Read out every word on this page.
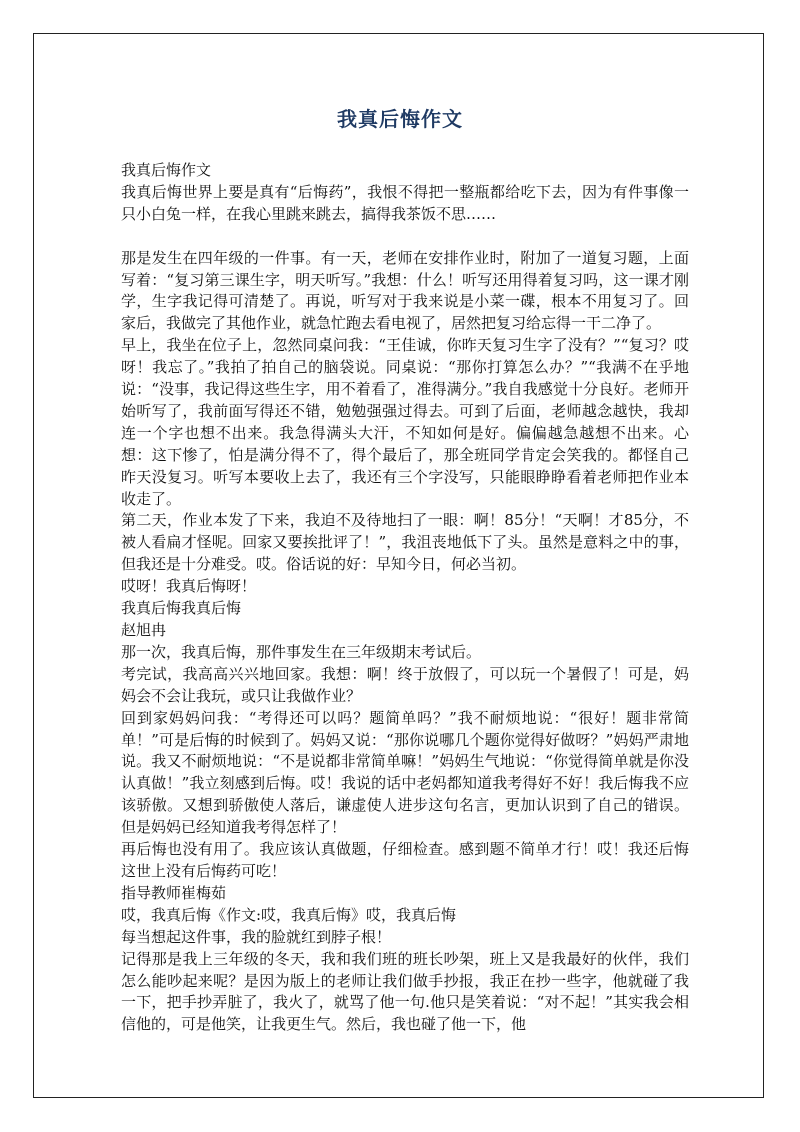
我真后悔作文

我真后悔作文

我真后悔世界上要是真有“后悔药”，我恨不得把一整瓶都给吃下去，因为有件事像一只小白兔一样，在我心里跳来跳去，搞得我茶饭不思……

那是发生在四年级的一件事。有一天，老师在安排作业时，附加了一道复习题，上面写着：“复习第三课生字，明天听写。”我想：什么！听写还用得着复习吗，这一课才刚学，生字我记得可清楚了。再说，听写对于我来说是小菜一碟，根本不用复习了。回家后，我做完了其他作业，就急忙跑去看电视了，居然把复习给忘得一干二净了。

早上，我坐在位子上，忽然同桌问我：“王佳诚，你昨天复习生字了没有？”“复习？哎呀！我忘了。”我拍了拍自己的脑袋说。同桌说：“那你打算怎么办？”“我满不在乎地说：“没事，我记得这些生字，用不着看了，准得满分。”我自我感觉十分良好。老师开始听写了，我前面写得还不错，勉勉强强过得去。可到了后面，老师越念越快，我却连一个字也想不出来。我急得满头大汗，不知如何是好。偏偏越急越想不出来。心想：这下惨了，怕是满分得不了，得个最后了，那全班同学肯定会笑我的。都怪自己昨天没复习。听写本要收上去了，我还有三个字没写，只能眼睁睁看着老师把作业本收走了。

第二天，作业本发了下来，我迫不及待地扫了一眼：啊！85分！“天啊！才85分，不被人看扁才怪呢。回家又要挨批评了！”，我沮丧地低下了头。虽然是意料之中的事，但我还是十分难受。哎。俗话说的好：早知今日，何必当初。

哎呀！我真后悔呀！

我真后悔我真后悔

赵旭冉

那一次，我真后悔，那件事发生在三年级期末考试后。

考完试，我高高兴兴地回家。我想：啊！终于放假了，可以玩一个暑假了！可是，妈妈会不会让我玩，或只让我做作业？

回到家妈妈问我：“考得还可以吗？题简单吗？”我不耐烦地说：“很好！题非常简单！”可是后悔的时候到了。妈妈又说：“那你说哪几个题你觉得好做呀？”妈妈严肃地说。我又不耐烦地说：“不是说都非常简单嘛！”妈妈生气地说：“你觉得简单就是你没认真做！”我立刻感到后悔。哎！我说的话中老妈都知道我考得好不好！我后悔我不应该骄傲。又想到骄傲使人落后，谦虚使人进步这句名言，更加认识到了自己的错误。但是妈妈已经知道我考得怎样了！

再后悔也没有用了。我应该认真做题，仔细检查。感到题不简单才行！哎！我还后悔这世上没有后悔药可吃！

指导教师崔梅茹

哎，我真后悔《作文:哎，我真后悔》哎，我真后悔

每当想起这件事，我的脸就红到脖子根！

记得那是我上三年级的冬天，我和我们班的班长吵架，班上又是我最好的伙伴，我们怎么能吵起来呢？是因为版上的老师让我们做手抄报，我正在抄一些字，他就碰了我一下，把手抄弄脏了，我火了，就骂了他一句.他只是笑着说：“对不起！”其实我会相信他的，可是他笑，让我更生气。然后，我也碰了他一下，他
